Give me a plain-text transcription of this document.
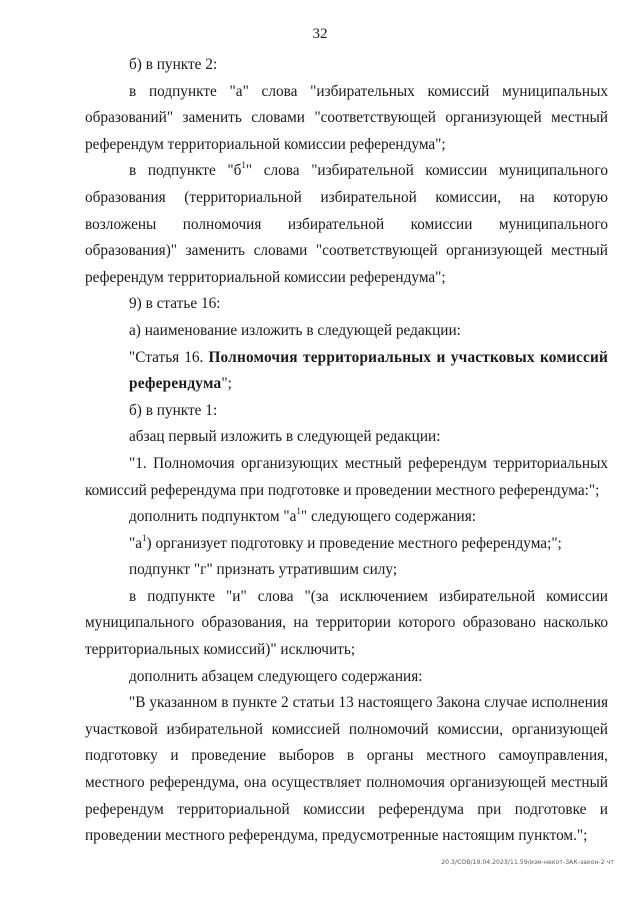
32

б) в пункте 2:

в подпункте "а" слова "избирательных комиссий муниципальных образований" заменить словами "соответствующей организующей местный референдум территориальной комиссии референдума";

в подпункте "$б^1$" слова "избирательной комиссии муниципального образования (территориальной избирательной комиссии, на которую возложены полномочия избирательной комиссии муниципального образования)" заменить словами "соответствующей организующей местный референдум территориальной комиссии референдума";

9) в статье 16:

а) наименование изложить в следующей редакции:

"Статья 16. Полномочия территориальных и участковых комиссий референдума";

б) в пункте 1:

абзац первый изложить в следующей редакции:

"1. Полномочия организующих местный референдум территориальных комиссий референдума при подготовке и проведении местного референдума:";

дополнить подпунктом "$а^1$" следующего содержания:

"$а^1$) организует подготовку и проведение местного референдума;";

подпункт "г" признать утратившим силу;

в подпункте "и" слова "(за исключением избирательной комиссии муниципального образования, на территории которого образовано насколько территориальных комиссий)" исключить;

дополнить абзацем следующего содержания:

"В указанном в пункте 2 статьи 13 настоящего Закона случае исполнения участковой избирательной комиссией полномочий комиссии, организующей подготовку и проведение выборов в органы местного самоуправления, местного референдума, она осуществляет полномочия организующей местный референдум территориальной комиссии референдума при подготовке и проведении местного референдума, предусмотренные настоящим пунктом.";

20.3/СОВ/19.04.2023/11.59/изм-некот-ЗАК-закон-2 чт
